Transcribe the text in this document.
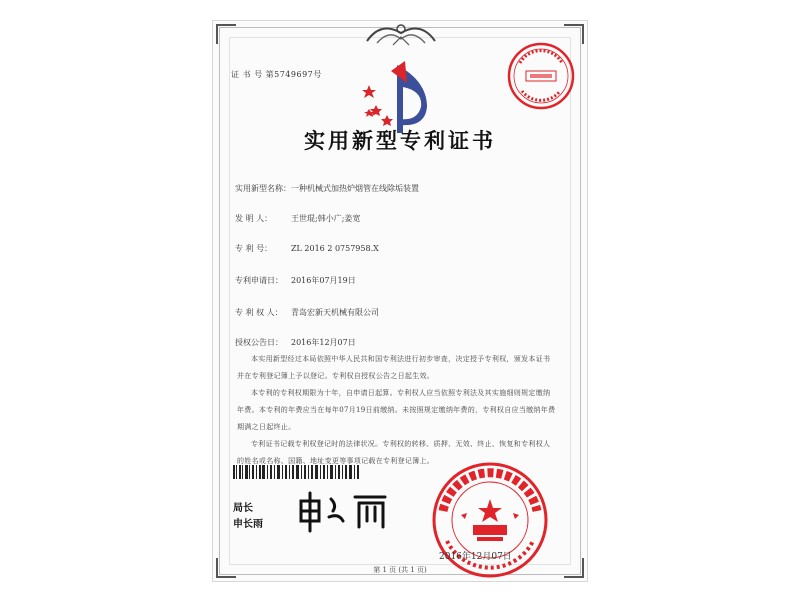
证 书 号 第5749697号
实用新型专利证书
实用新型名称：一种机械式加热炉烟管在线除垢装置
发 明 人： 王世琨;韩小广;姜宽
专 利 号： ZL 2016 2 0757958.X
专利申请日： 2016年07月19日
专 利 权 人： 青岛宏新天机械有限公司
授权公告日： 2016年12月07日

本实用新型经过本局依照中华人民共和国专利法进行初步审查，决定授予专利权，颁发本证书并在专利登记簿上予以登记。专利权自授权公告之日起生效。

本专利的专利权期限为十年，自申请日起算。专利权人应当依照专利法及其实施细则规定缴纳年费。本专利的年费应当在每年07月19日前缴纳。未按照规定缴纳年费的，专利权自应当缴纳年费期满之日起终止。

专利证书记载专利权登记时的法律状况。专利权的转移、质押、无效、终止、恢复和专利权人的姓名或名称、国籍、地址变更等事项记载在专利登记簿上。

局长
申长雨
2016年12月07日
第 1 页 (共 1 页)
